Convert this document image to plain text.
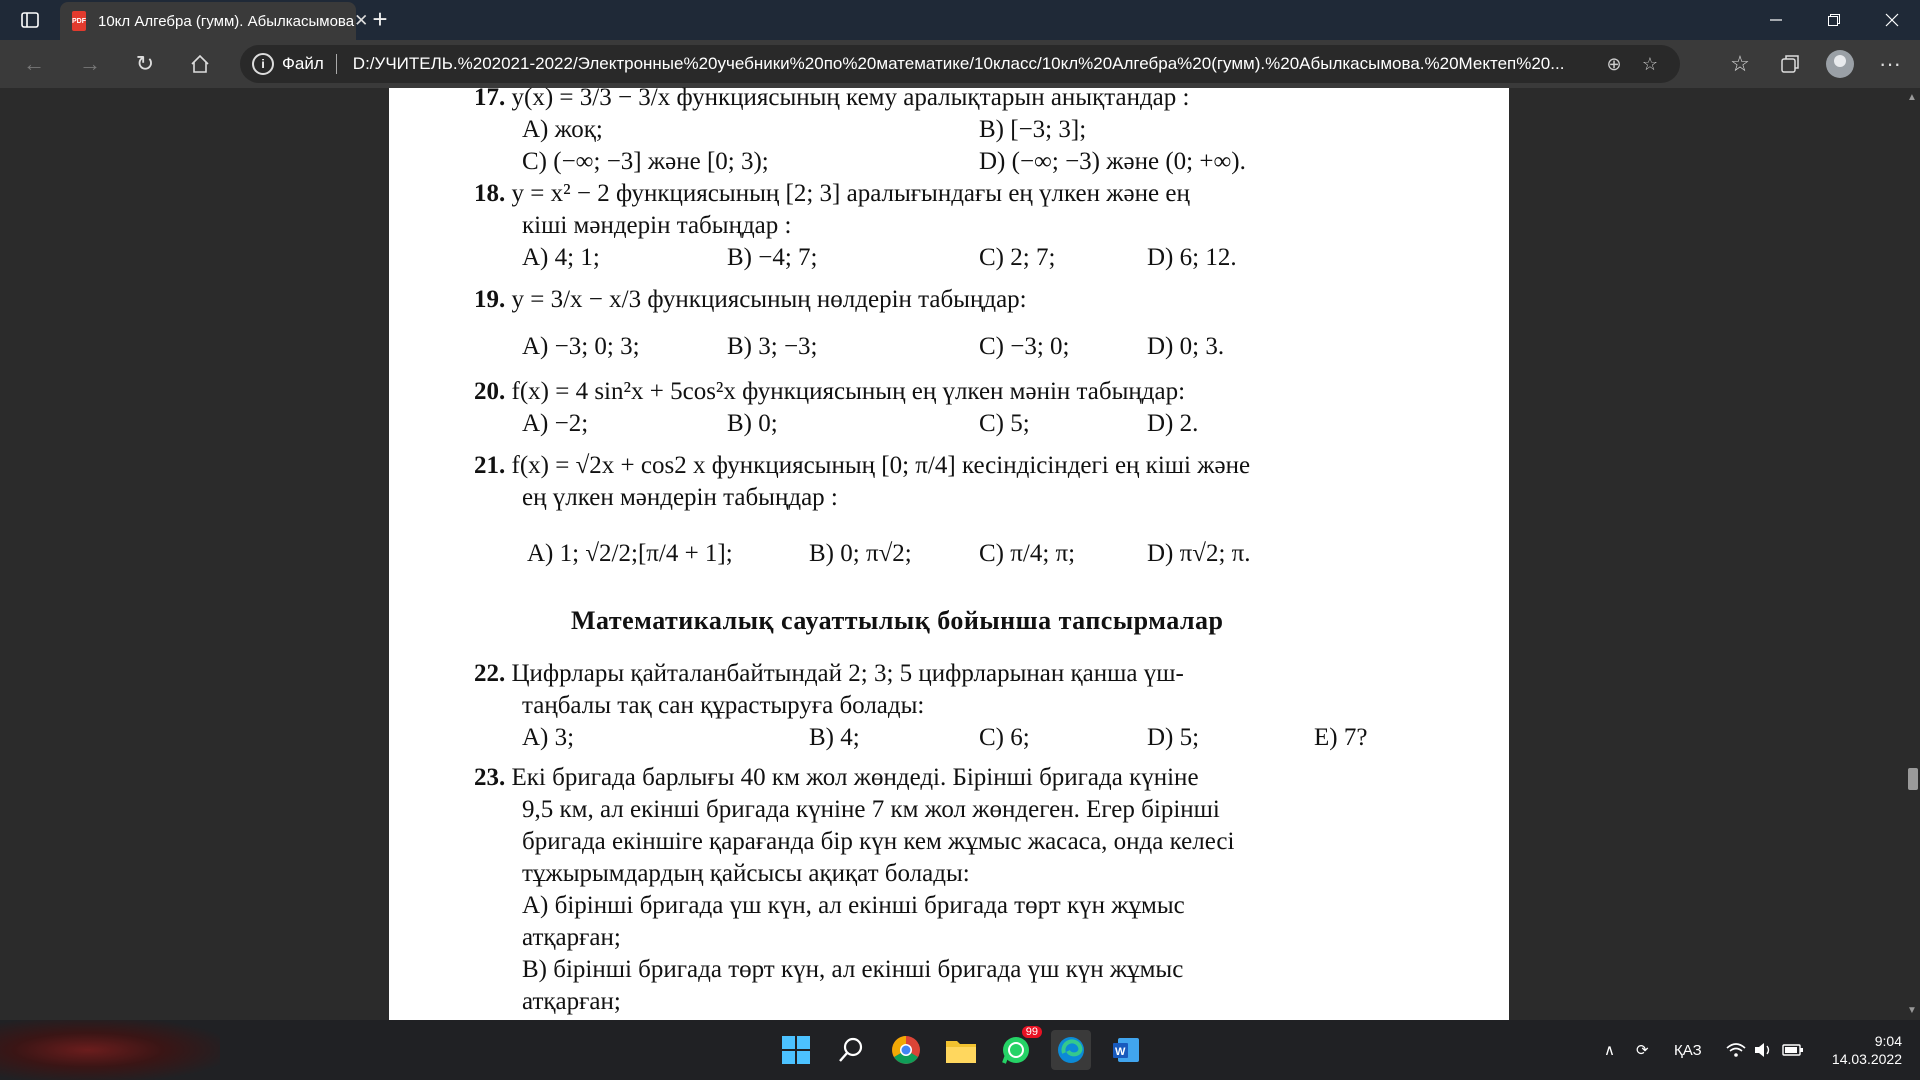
PDF 10кл Алгебра (гумм). Абылкасымова ✕ +
← → ↻	i	Файл D:/УЧИТЕЛЬ.%202021-2022/Электронные%20учебники%20по%20математике/10класс/10кл%20Алгебра%20(гумм).%20Абылкасымова.%20Мектеп%20...	⊕	☆	☆	···
17. y(x) = 3/3 − 3/x функциясының кему аралықтарын анықтандар :
A) жоқ;	B) [−3; 3];
C) (−∞; −3] және [0; 3);	D) (−∞; −3) және (0; +∞).
18. y = x² − 2 функциясының [2; 3] аралығындағы ең үлкен және ең
кіші мәндерін табыңдар :
A) 4; 1;	B) −4; 7;	C) 2; 7;	D) 6; 12.
19. y = 3/x − x/3 функциясының нөлдерін табыңдар:
A) −3; 0; 3;	B) 3; −3;	C) −3; 0;	D) 0; 3.
20. f(x) = 4 sin²x + 5cos²x функциясының ең үлкен мәнін табыңдар:
A) −2;	B) 0;	C) 5;	D) 2.
21. f(x) = √2x + cos2 x функциясының [0; π/4] кесіндісіндегі ең кіші және
ең үлкен мәндерін табыңдар :
A) 1; √2/2;[π/4 + 1];	B) 0; π√2;	C) π/4; π;	D) π√2; π.
Математикалық сауаттылық бойынша тапсырмалар
22. Цифрлары қайталанбайтындай 2; 3; 5 цифрларынан қанша үш-
таңбалы тақ сан құрастыруға болады:
A) 3;	B) 4;	C) 6;	D) 5;	E) 7?
23. Екі бригада барлығы 40 км жол жөндеді. Бірінші бригада күніне
9,5 км, ал екінші бригада күніне 7 км жол жөндеген. Егер бірінші
бригада екіншіге қарағанда бір күн кем жұмыс жасаса, онда келесі
тұжырымдардың қайсысы ақиқат болады:
A) бірінші бригада үш күн, ал екінші бригада төрт күн жұмыс
атқарған;
B) бірінші бригада төрт күн, ал екінші бригада үш күн жұмыс
атқарған;
▲
▼
99
W	∧ ⟳ ҚАЗ
9:04
14.03.2022
